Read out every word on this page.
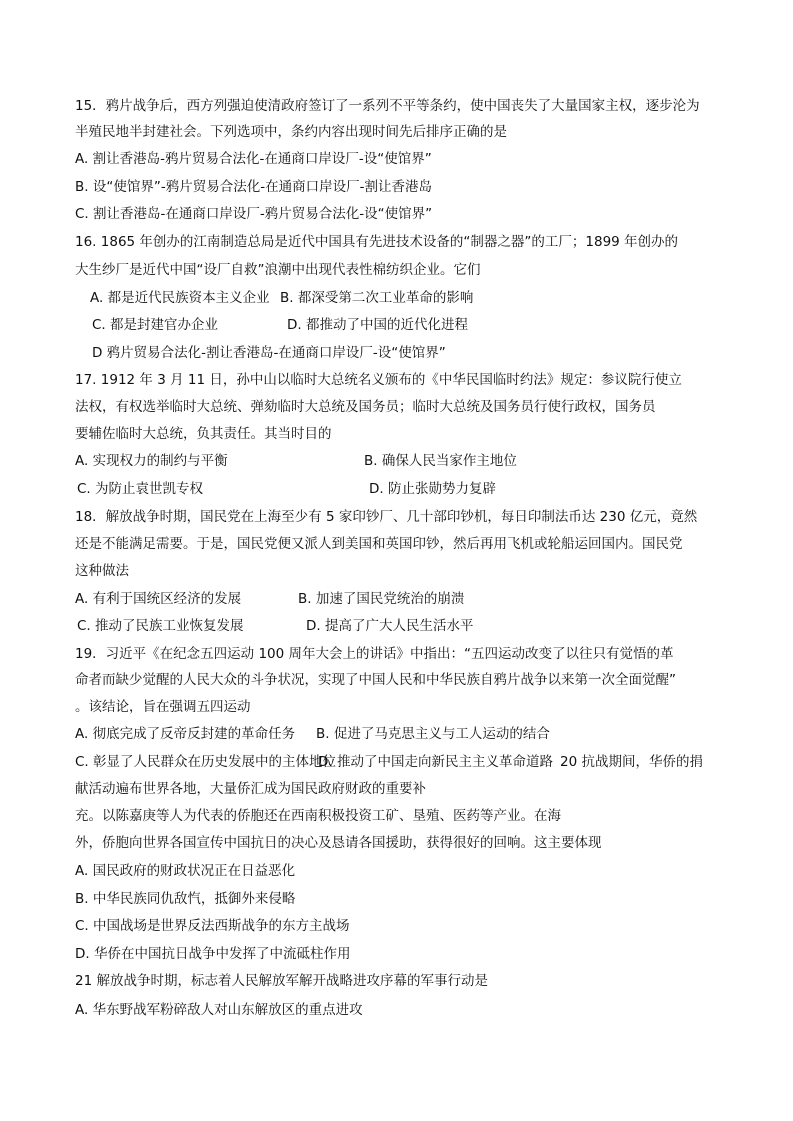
15．鸦片战争后，西方列强迫使清政府签订了一系列不平等条约，使中国丧失了大量国家主权，逐步沦为
半殖民地半封建社会。下列选项中，条约内容出现时间先后排序正确的是
A. 割让香港岛-鸦片贸易合法化-在通商口岸设厂-设“使馆界”
B. 设“使馆界”-鸦片贸易合法化-在通商口岸设厂-割让香港岛
C. 割让香港岛-在通商口岸设厂-鸦片贸易合法化-设“使馆界”
16. 1865 年创办的江南制造总局是近代中国具有先进技术设备的“制器之器”的工厂；1899 年创办的
大生纱厂是近代中国“设厂自救”浪潮中出现代表性棉纺织企业。它们
A. 都是近代民族资本主义企业 B. 都深受第二次工业革命的影响
C. 都是封建官办企业	D. 都推动了中国的近代化进程
D 鸦片贸易合法化-割让香港岛-在通商口岸设厂-设“使馆界”
17. 1912 年 3 月 11 日，孙中山以临时大总统名义颁布的《中华民国临时约法》规定：参议院行使立
法权，有权选举临时大总统、弹劾临时大总统及国务员；临时大总统及国务员行使行政权，国务员
要辅佐临时大总统，负其责任。其当时目的
A. 实现权力的制约与平衡	B. 确保人民当家作主地位
C. 为防止袁世凯专权	D. 防止张勋势力复辟
18．解放战争时期，国民党在上海至少有 5 家印钞厂、几十部印钞机，每日印制法币达 230 亿元，竟然
还是不能满足需要。于是，国民党便又派人到美国和英国印钞，然后再用飞机或轮船运回国内。国民党
这种做法
A. 有利于国统区经济的发展	B. 加速了国民党统治的崩溃
C. 推动了民族工业恢复发展	D. 提高了广大人民生活水平
19．习近平《在纪念五四运动 100 周年大会上的讲话》中指出：“五四运动改变了以往只有觉悟的革
命者而缺少觉醒的人民大众的斗争状况，实现了中国人民和中华民族自鸦片战争以来第一次全面觉醒”
。该结论，旨在强调五四运动
A. 彻底完成了反帝反封建的革命任务 B. 促进了马克思主义与工人运动的结合
C. 彰显了人民群众在历史发展中的主体地位
D. 推动了中国走向新民主主义革命道路 20 抗战期间，华侨的捐
献活动遍布世界各地，大量侨汇成为国民政府财政的重要补
充。以陈嘉庚等人为代表的侨胞还在西南积极投资工矿、垦殖、医药等产业。在海
外，侨胞向世界各国宣传中国抗日的决心及恳请各国援助，获得很好的回响。这主要体现
A. 国民政府的财政状况正在日益恶化
B. 中华民族同仇敌忾，抵御外来侵略
C. 中国战场是世界反法西斯战争的东方主战场
D. 华侨在中国抗日战争中发挥了中流砥柱作用
21 解放战争时期，标志着人民解放军解开战略进攻序幕的军事行动是
A. 华东野战军粉碎敌人对山东解放区的重点进攻
